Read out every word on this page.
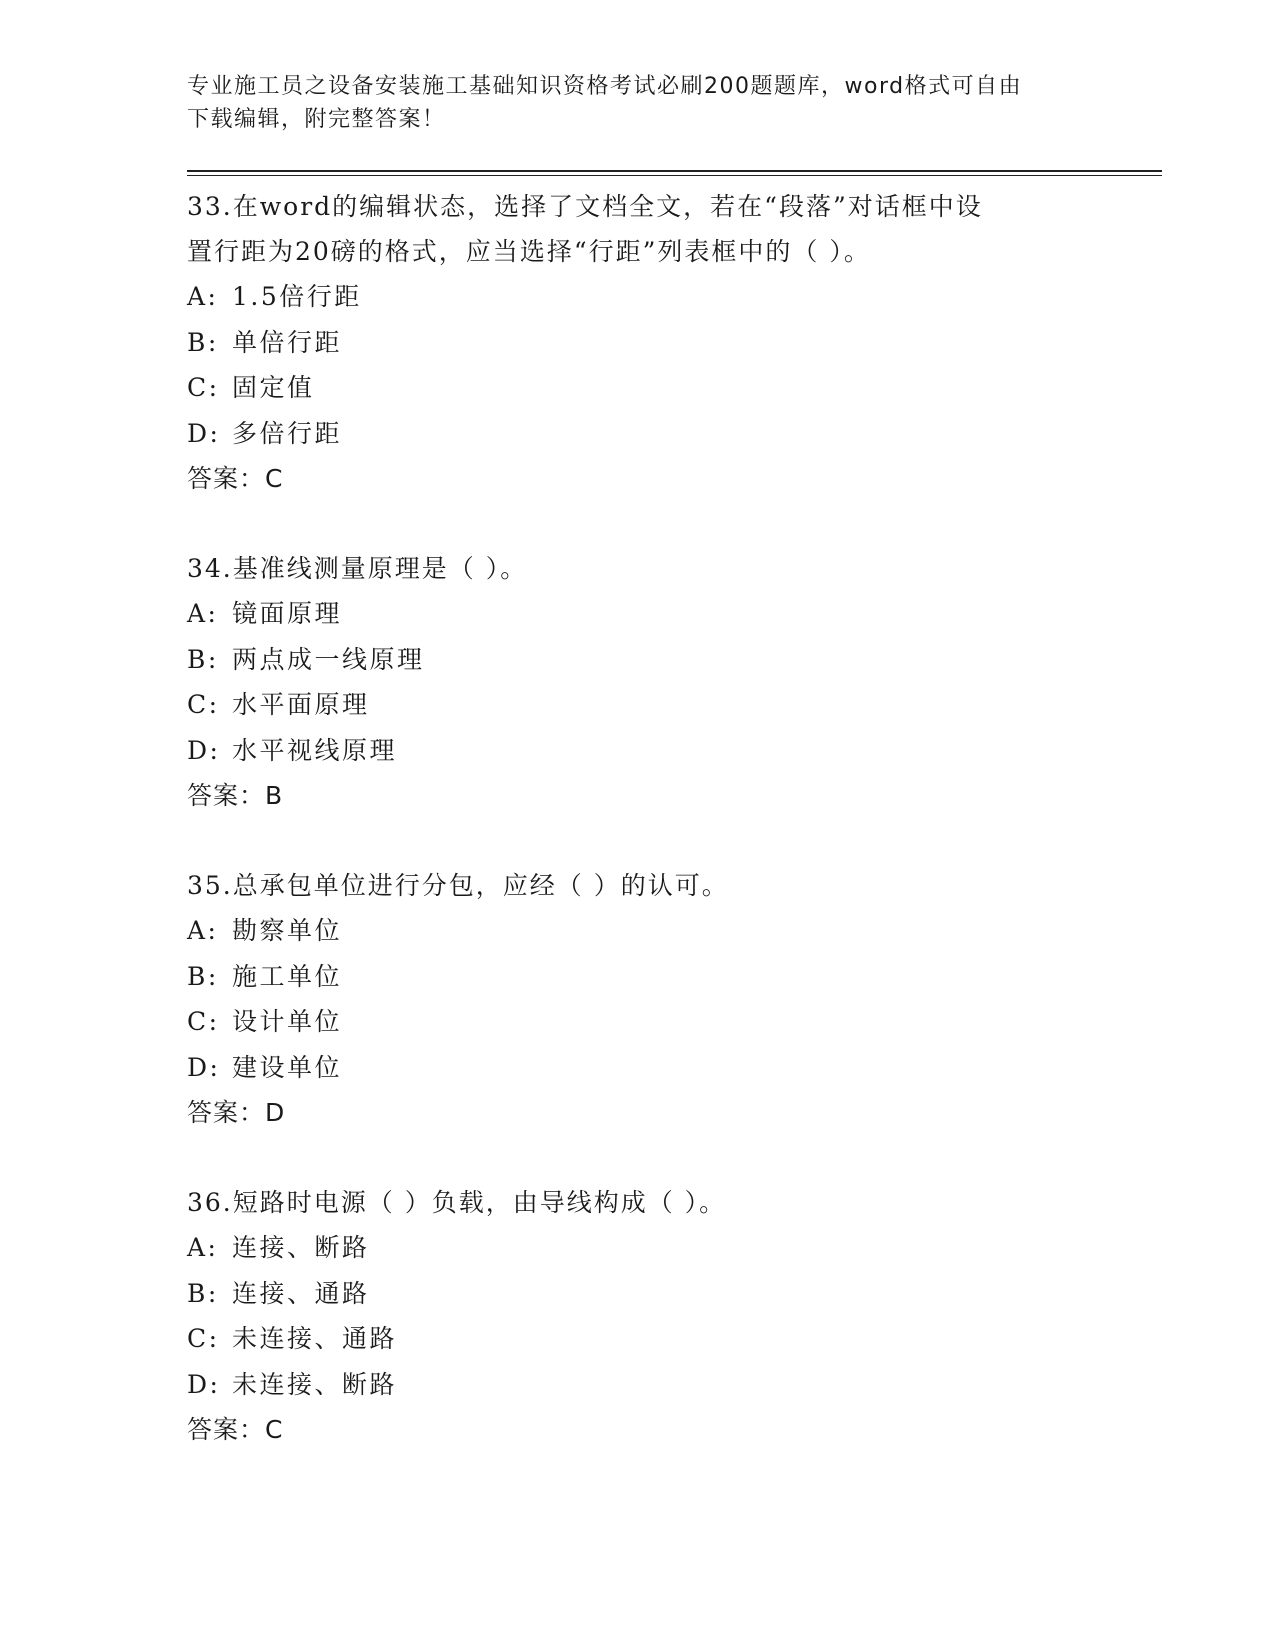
专业施工员之设备安装施工基础知识资格考试必刷200题题库，word格式可自由
下载编辑，附完整答案！
33.在word的编辑状态，选择了文档全文，若在“段落”对话框中设
置行距为20磅的格式，应当选择“行距”列表框中的（ ）。
A: 1.5倍行距
B: 单倍行距
C: 固定值
D: 多倍行距
答案：C
34.基准线测量原理是（ ）。
A: 镜面原理
B: 两点成一线原理
C: 水平面原理
D: 水平视线原理
答案：B
35.总承包单位进行分包，应经（ ）的认可。
A: 勘察单位
B: 施工单位
C: 设计单位
D: 建设单位
答案：D
36.短路时电源（ ）负载，由导线构成（ ）。
A: 连接、断路
B: 连接、通路
C: 未连接、通路
D: 未连接、断路
答案：C
